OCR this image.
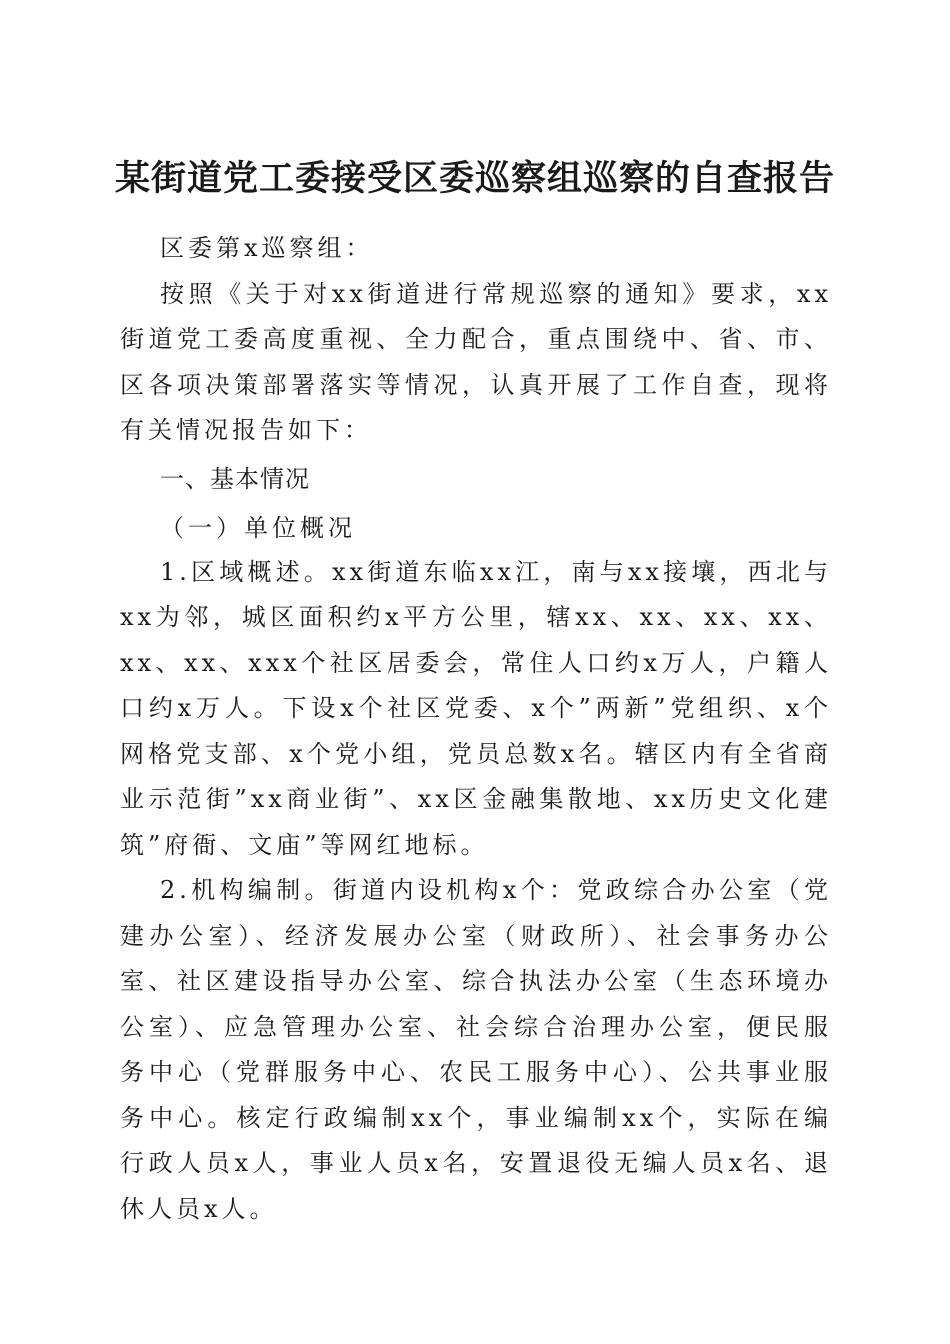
某街道党工委接受区委巡察组巡察的自查报告

区委第x巡察组：

按照《关于对xx街道进行常规巡察的通知》要求，xx街道党工委高度重视、全力配合，重点围绕中、省、市、区各项决策部署落实等情况，认真开展了工作自查，现将有关情况报告如下：

一、基本情况

（一）单位概况

1.区域概述。xx街道东临xx江，南与xx接壤，西北与xx为邻，城区面积约x平方公里，辖xx、xx、xx、xx、xx、xx、xxx个社区居委会，常住人口约x万人，户籍人口约x万人。下设x个社区党委、x个”两新”党组织、x个网格党支部、x个党小组，党员总数x名。辖区内有全省商业示范街”xx商业街”、xx区金融集散地、xx历史文化建筑”府衙、文庙”等网红地标。

2.机构编制。街道内设机构x个：党政综合办公室（党建办公室）、经济发展办公室（财政所）、社会事务办公室、社区建设指导办公室、综合执法办公室（生态环境办公室）、应急管理办公室、社会综合治理办公室，便民服务中心（党群服务中心、农民工服务中心）、公共事业服务中心。核定行政编制xx个，事业编制xx个，实际在编行政人员x人，事业人员x名，安置退役无编人员x名、退休人员x人。
